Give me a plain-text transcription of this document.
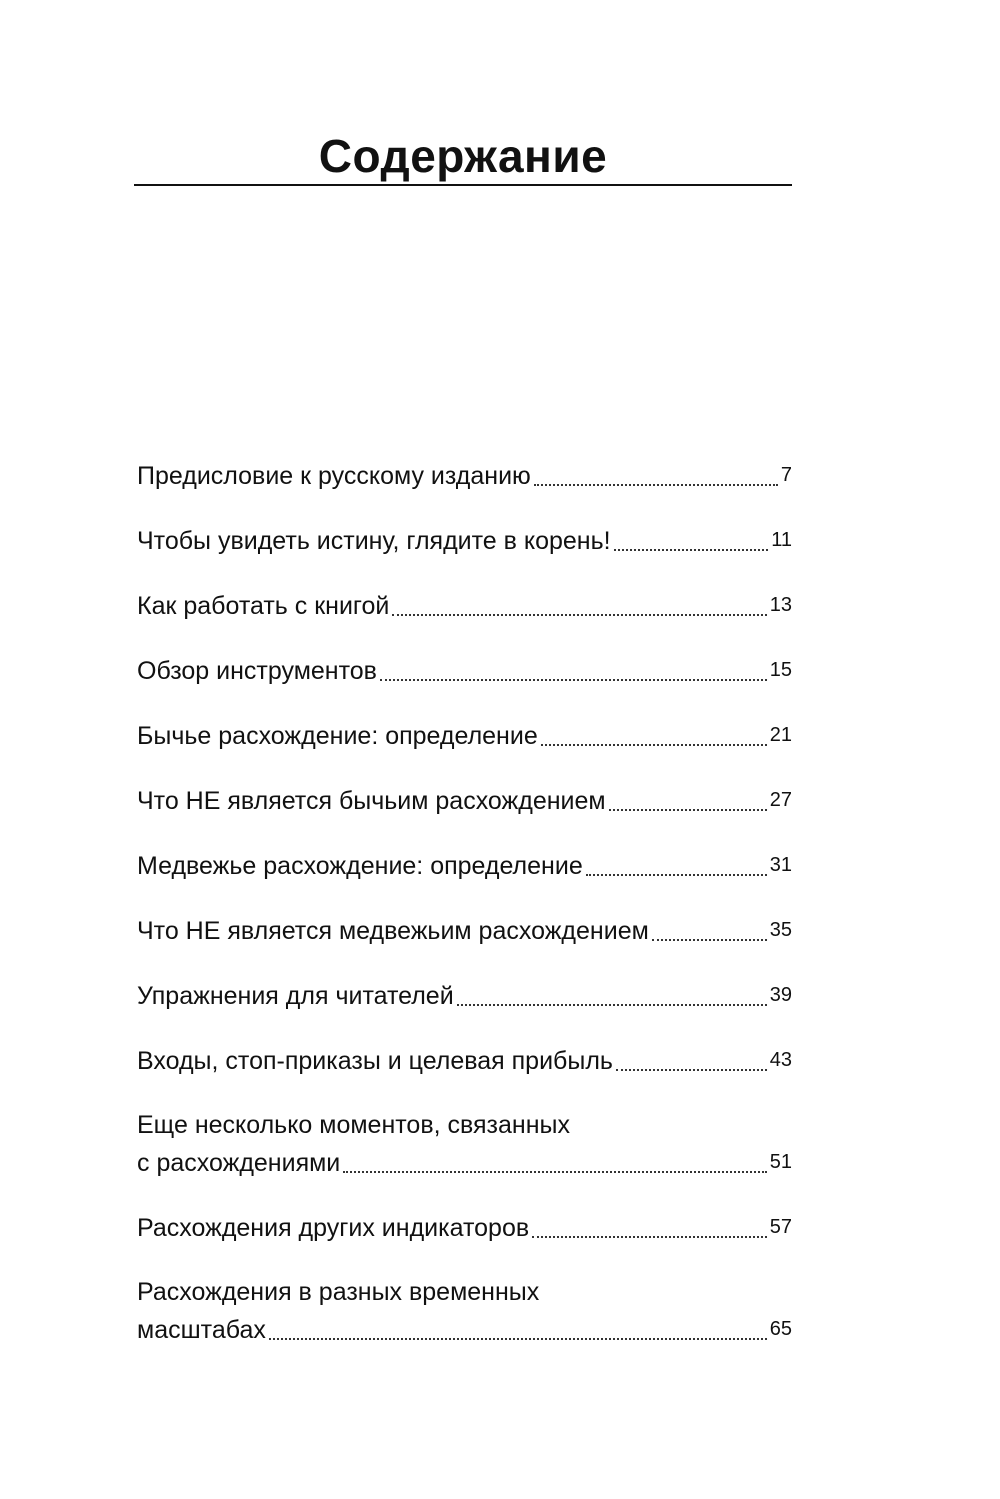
Содержание
Предисловие к русскому изданию	7
Чтобы увидеть истину, глядите в корень!	11
Как работать с книгой	13
Обзор инструментов	15
Бычье расхождение: определение	21
Что НЕ является бычьим расхождением	27
Медвежье расхождение: определение	31
Что НЕ является медвежьим расхождением	35
Упражнения для читателей	39
Входы, стоп-приказы и целевая прибыль	43
Еще несколько моментов, связанных
с расхождениями	51
Расхождения других индикаторов	57
Расхождения в разных временных
масштабах	65
